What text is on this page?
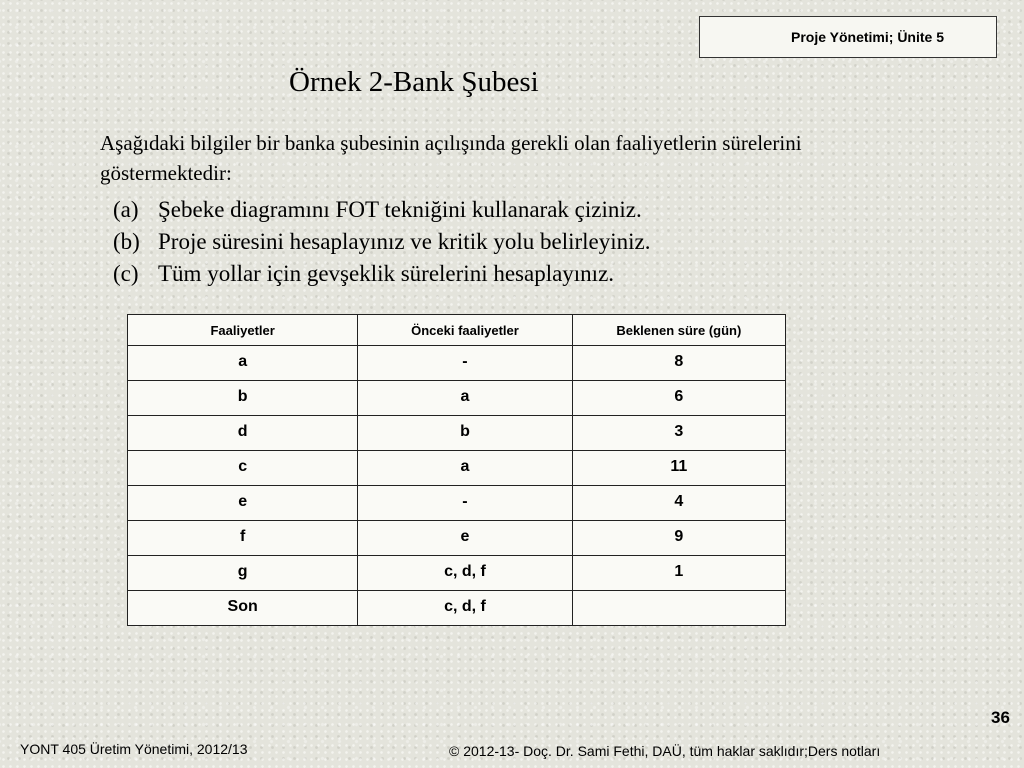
Proje Yönetimi; Ünite 5
Örnek 2-Bank Şubesi
Aşağıdaki bilgiler bir banka şubesinin açılışında gerekli olan faaliyetlerin sürelerini göstermektedir:
(a) Şebeke diagramını FOT tekniğini kullanarak çiziniz.
(b) Proje süresini hesaplayınız ve kritik yolu belirleyiniz.
(c) Tüm yollar için gevşeklik sürelerini hesaplayınız.
Faaliyetler	Önceki faaliyetler	Beklenen süre (gün)
a	-	8
b	a	6
d	b	3
c	a	11
e	-	4
f	e	9
g	c, d, f	1
Son	c, d, f	
36
YONT 405 Üretim Yönetimi, 2012/13	© 2012-13- Doç. Dr. Sami Fethi, DAÜ, tüm haklar saklıdır;Ders notları
